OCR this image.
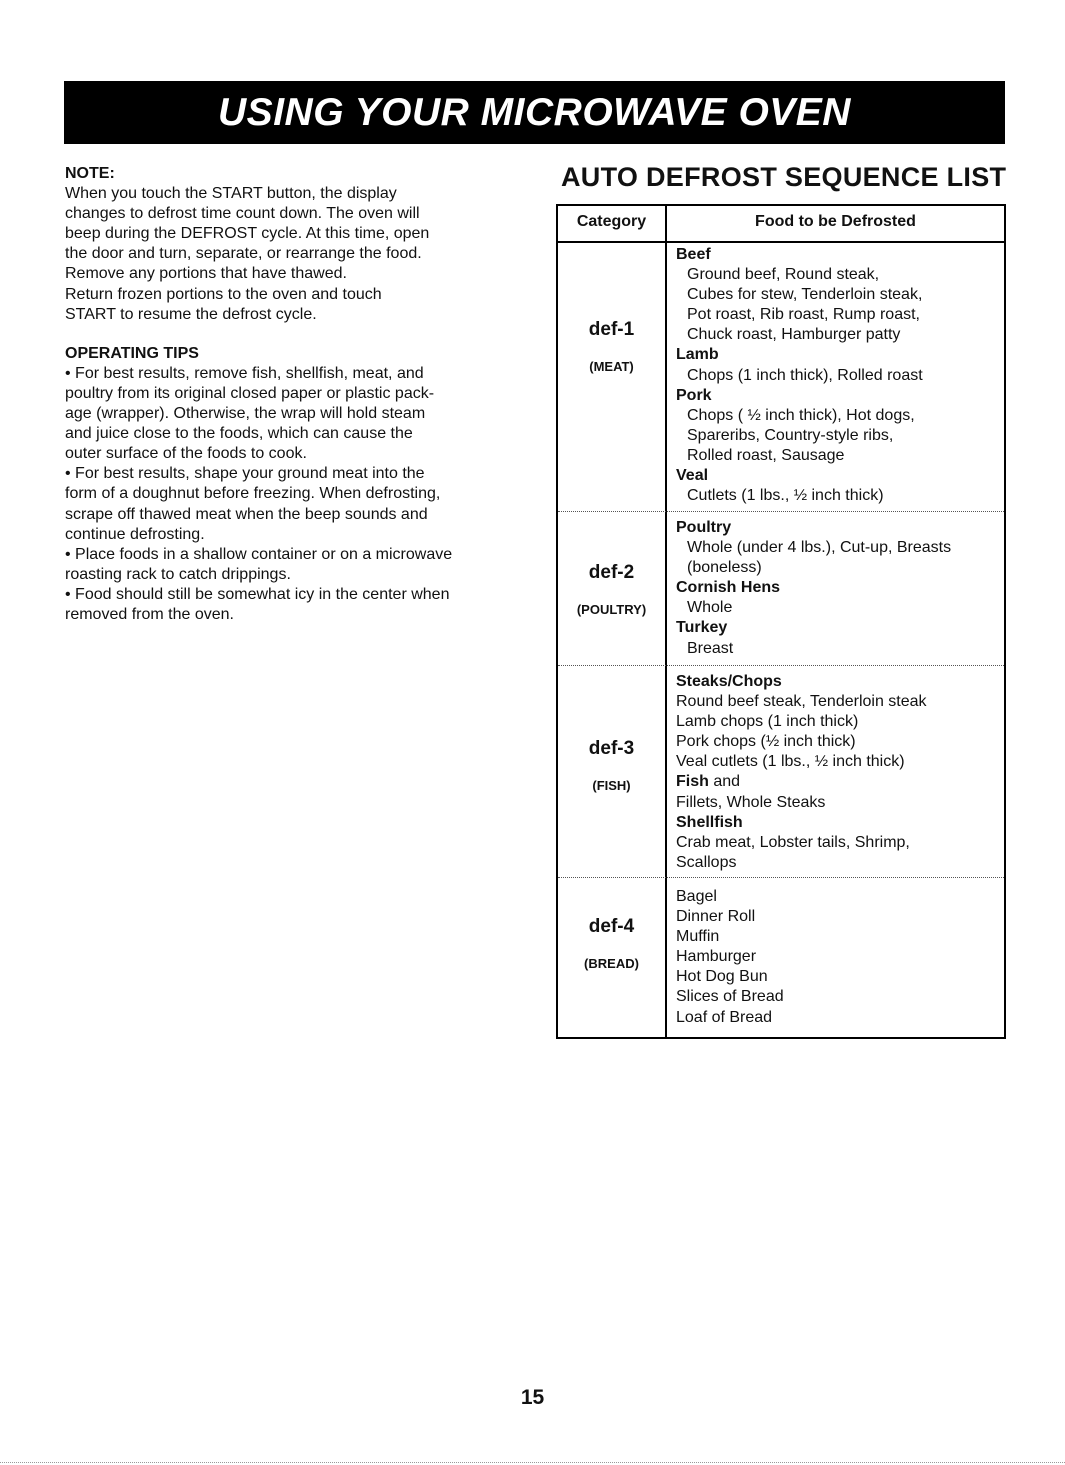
USING YOUR MICROWAVE OVEN
NOTE:
When you touch the START button, the display
changes to defrost time count down. The oven will
beep during the DEFROST cycle. At this time, open
the door and turn, separate, or rearrange the food.
Remove any portions that have thawed.
Return frozen portions to the oven and touch
START to resume the defrost cycle.
OPERATING TIPS
• For best results, remove fish, shellfish, meat, and
poultry from its original closed paper or plastic pack-
age (wrapper). Otherwise, the wrap will hold steam
and juice close to the foods, which can cause the
outer surface of the foods to cook.
• For best results, shape your ground meat into the
form of a doughnut before freezing. When defrosting,
scrape off thawed meat when the beep sounds and
continue defrosting.
• Place foods in a shallow container or on a microwave
roasting rack to catch drippings.
• Food should still be somewhat icy in the center when
removed from the oven.
AUTO DEFROST SEQUENCE LIST
Category	Food to be Defrosted
def-1
(MEAT)
Beef
Ground beef, Round steak,
Cubes for stew, Tenderloin steak,
Pot roast, Rib roast, Rump roast,
Chuck roast, Hamburger patty
Lamb
Chops (1 inch thick), Rolled roast
Pork
Chops ( ½ inch thick), Hot dogs,
Spareribs, Country-style ribs,
Rolled roast, Sausage
Veal
Cutlets (1 lbs., ½ inch thick)
def-2
(POULTRY)
Poultry
Whole (under 4 lbs.), Cut-up, Breasts
(boneless)
Cornish Hens
Whole
Turkey
Breast
def-3
(FISH)
Steaks/Chops
Round beef steak, Tenderloin steak
Lamb chops (1 inch thick)
Pork chops (½ inch thick)
Veal cutlets (1 lbs., ½ inch thick)
Fish and
Fillets, Whole Steaks
Shellfish
Crab meat, Lobster tails, Shrimp,
Scallops
def-4
(BREAD)
Bagel
Dinner Roll
Muffin
Hamburger
Hot Dog Bun
Slices of Bread
Loaf of Bread
15
